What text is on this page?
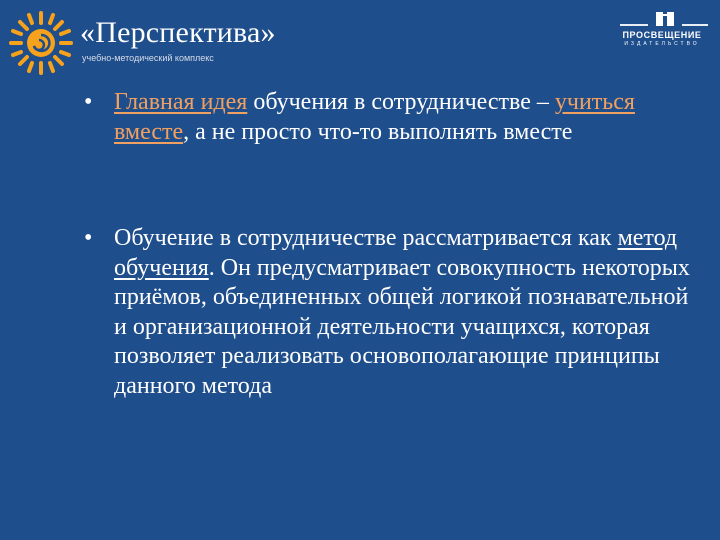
«Перспектива»
учебно-методический комплекс
ПРОСВЕЩЕНИЕ
ИЗДАТЕЛЬСТВО
• Главная идея обучения в сотрудничестве – учиться вместе, а не просто что-то выполнять вместе
• Обучение в сотрудничестве рассматривается как метод обучения. Он предусматривает совокупность некоторых приёмов, объединенных общей логикой познавательной и организационной деятельности учащихся, которая позволяет реализовать основополагающие принципы данного метода
